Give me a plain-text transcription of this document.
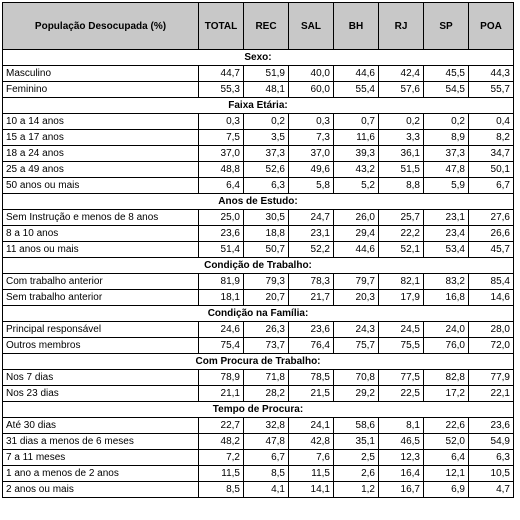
População Desocupada (%)	TOTAL	REC	SAL	BH	RJ	SP	POA
Sexo:							
Masculino	44,7	51,9	40,0	44,6	42,4	45,5	44,3
Feminino	55,3	48,1	60,0	55,4	57,6	54,5	55,7
Faixa Etária:							
10 a 14 anos	0,3	0,2	0,3	0,7	0,2	0,2	0,4
15 a 17 anos	7,5	3,5	7,3	11,6	3,3	8,9	8,2
18 a 24 anos	37,0	37,3	37,0	39,3	36,1	37,3	34,7
25 a 49 anos	48,8	52,6	49,6	43,2	51,5	47,8	50,1
50 anos ou mais	6,4	6,3	5,8	5,2	8,8	5,9	6,7
Anos de Estudo:							
Sem Instrução e menos de 8 anos	25,0	30,5	24,7	26,0	25,7	23,1	27,6
8 a 10 anos	23,6	18,8	23,1	29,4	22,2	23,4	26,6
11 anos ou mais	51,4	50,7	52,2	44,6	52,1	53,4	45,7
Condição de Trabalho:							
Com trabalho anterior	81,9	79,3	78,3	79,7	82,1	83,2	85,4
Sem trabalho anterior	18,1	20,7	21,7	20,3	17,9	16,8	14,6
Condição na Família:							
Principal responsável	24,6	26,3	23,6	24,3	24,5	24,0	28,0
Outros membros	75,4	73,7	76,4	75,7	75,5	76,0	72,0
Com Procura de Trabalho:							
Nos 7 dias	78,9	71,8	78,5	70,8	77,5	82,8	77,9
Nos 23 dias	21,1	28,2	21,5	29,2	22,5	17,2	22,1
Tempo de Procura:							
Até 30 dias	22,7	32,8	24,1	58,6	8,1	22,6	23,6
31 dias a menos de 6 meses	48,2	47,8	42,8	35,1	46,5	52,0	54,9
7 a 11 meses	7,2	6,7	7,6	2,5	12,3	6,4	6,3
1 ano a menos de 2 anos	11,5	8,5	11,5	2,6	16,4	12,1	10,5
2 anos ou mais	8,5	4,1	14,1	1,2	16,7	6,9	4,7
